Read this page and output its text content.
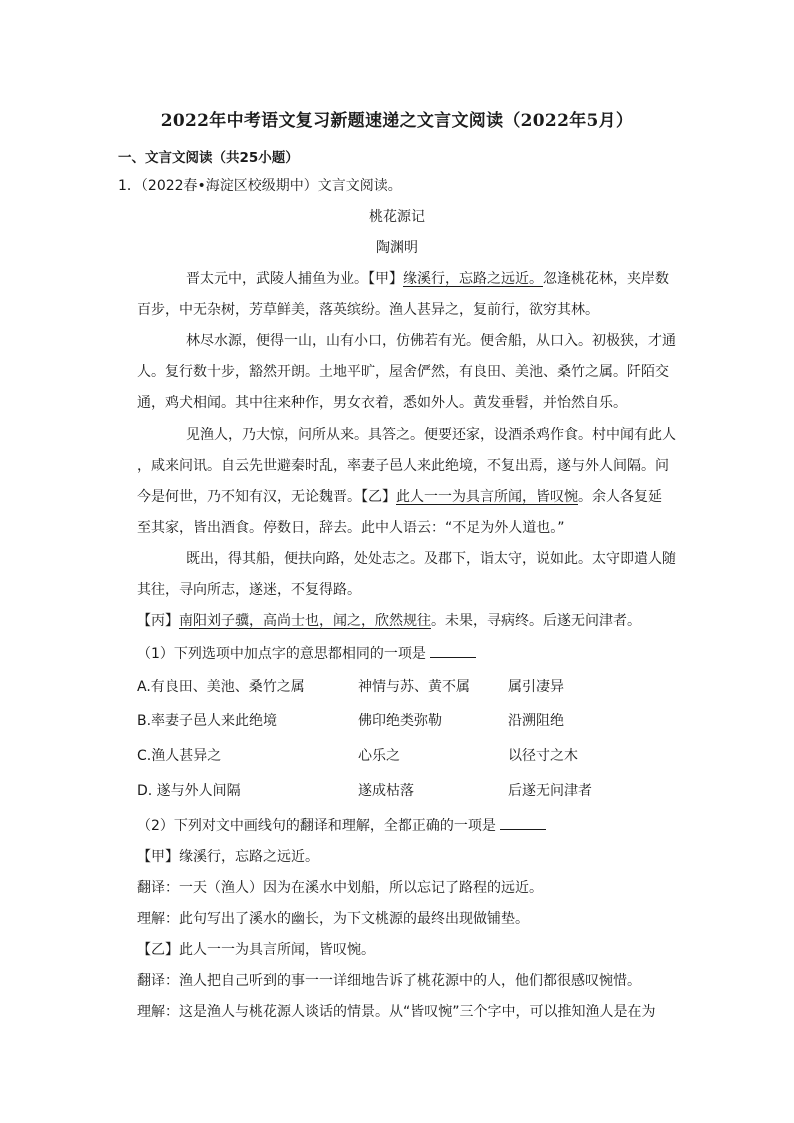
2022年中考语文复习新题速递之文言文阅读（2022年5月）
一、文言文阅读（共25小题）
1．（2022春•海淀区校级期中）文言文阅读。
桃花源记
陶渊明
晋太元中，武陵人捕鱼为业。【甲】缘溪行，忘路之远近。忽逢桃花林，夹岸数
百步，中无杂树，芳草鲜美，落英缤纷。渔人甚异之，复前行，欲穷其林。
林尽水源，便得一山，山有小口，仿佛若有光。便舍船，从口入。初极狭，才通
人。复行数十步，豁然开朗。土地平旷，屋舍俨然，有良田、美池、桑竹之属。阡陌交
通，鸡犬相闻。其中往来种作，男女衣着，悉如外人。黄发垂髫，并怡然自乐。
见渔人，乃大惊，问所从来。具答之。便要还家，设酒杀鸡作食。村中闻有此人
，咸来问讯。自云先世避秦时乱，率妻子邑人来此绝境，不复出焉，遂与外人间隔。问
今是何世，乃不知有汉，无论魏晋。【乙】此人一一为具言所闻，皆叹惋。余人各复延
至其家，皆出酒食。停数日，辞去。此中人语云：“不足为外人道也。”
既出，得其船，便扶向路，处处志之。及郡下，诣太守，说如此。太守即遣人随
其往，寻向所志，遂迷，不复得路。
【丙】南阳刘子骥，高尚士也，闻之，欣然规往。未果，寻病终。后遂无问津者。
（1）下列选项中加点字的意思都相同的一项是
A.有良田、美池、桑竹之属	神情与苏、黄不属	属引凄异
B.率妻子邑人来此绝境	佛印绝类弥勒	沿溯阻绝
C.渔人甚异之	心乐之	以径寸之木
D. 遂与外人间隔	遂成枯落	后遂无问津者
（2）下列对文中画线句的翻译和理解，全都正确的一项是
【甲】缘溪行，忘路之远近。
翻译：一天（渔人）因为在溪水中划船，所以忘记了路程的远近。
理解：此句写出了溪水的幽长，为下文桃源的最终出现做铺垫。
【乙】此人一一为具言所闻，皆叹惋。
翻译：渔人把自己听到的事一一详细地告诉了桃花源中的人，他们都很感叹惋惜。
理解：这是渔人与桃花源人谈话的情景。从“皆叹惋”三个字中，可以推知渔人是在为
